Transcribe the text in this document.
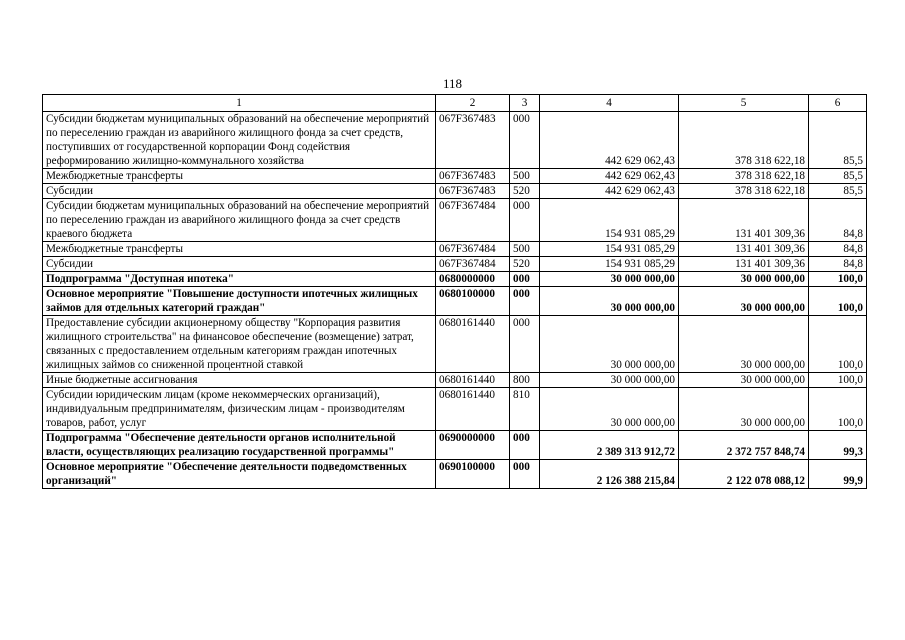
118
1	2	3	4	5	6
Субсидии бюджетам муниципальных образований на обеспечение мероприятий по переселению граждан из аварийного жилищного фонда за счет средств, поступивших от государственной корпорации Фонд содействия реформированию жилищно-коммунального хозяйства	067F367483	000	442 629 062,43	378 318 622,18	85,5
Межбюджетные трансферты	067F367483	500	442 629 062,43	378 318 622,18	85,5
Субсидии	067F367483	520	442 629 062,43	378 318 622,18	85,5
Субсидии бюджетам муниципальных образований на обеспечение мероприятий по переселению граждан из аварийного жилищного фонда за счет средств краевого бюджета	067F367484	000	154 931 085,29	131 401 309,36	84,8
Межбюджетные трансферты	067F367484	500	154 931 085,29	131 401 309,36	84,8
Субсидии	067F367484	520	154 931 085,29	131 401 309,36	84,8
Подпрограмма "Доступная ипотека"	0680000000	000	30 000 000,00	30 000 000,00	100,0
Основное мероприятие "Повышение доступности ипотечных жилищных займов для отдельных категорий граждан"	0680100000	000	30 000 000,00	30 000 000,00	100,0
Предоставление субсидии акционерному обществу "Корпорация развития жилищного строительства" на финансовое обеспечение (возмещение) затрат, связанных с предоставлением отдельным категориям граждан ипотечных жилищных займов со сниженной процентной ставкой	0680161440	000	30 000 000,00	30 000 000,00	100,0
Иные бюджетные ассигнования	0680161440	800	30 000 000,00	30 000 000,00	100,0
Субсидии юридическим лицам (кроме некоммерческих организаций), индивидуальным предпринимателям, физическим лицам - производителям товаров, работ, услуг	0680161440	810	30 000 000,00	30 000 000,00	100,0
Подпрограмма "Обеспечение деятельности органов исполнительной власти, осуществляющих реализацию государственной программы"	0690000000	000	2 389 313 912,72	2 372 757 848,74	99,3
Основное мероприятие "Обеспечение деятельности подведомственных организаций"	0690100000	000	2 126 388 215,84	2 122 078 088,12	99,9
